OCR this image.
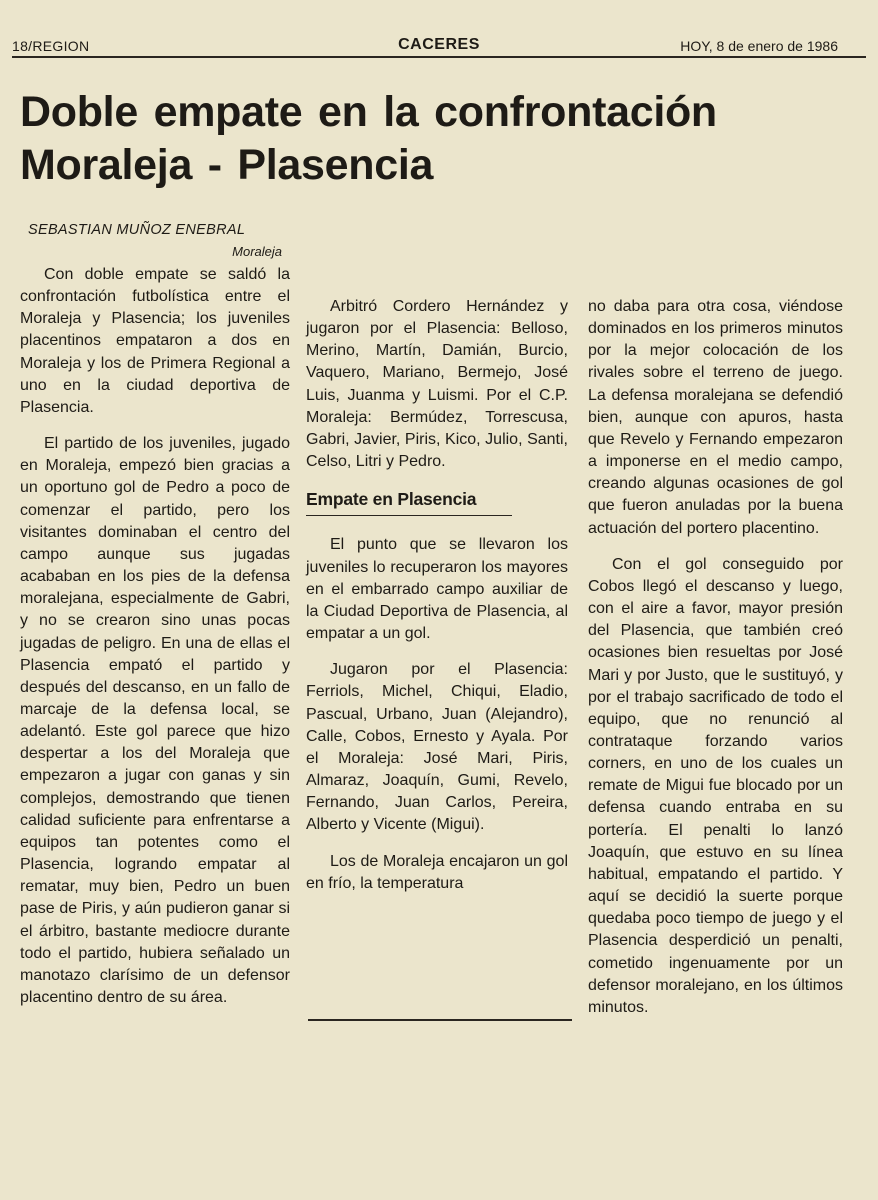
18/REGION	CACERES	HOY, 8 de enero de 1986
Doble empate en la confrontación Moraleja - Plasencia
SEBASTIAN MUÑOZ ENEBRAL
Moraleja

Con doble empate se saldó la confrontación futbolística entre el Moraleja y Plasencia; los juveniles placentinos empataron a dos en Moraleja y los de Primera Regional a uno en la ciudad deportiva de Plasencia.

El partido de los juveniles, jugado en Moraleja, empezó bien gracias a un oportuno gol de Pedro a poco de comenzar el partido, pero los visitantes dominaban el centro del campo aunque sus jugadas acababan en los pies de la defensa moralejana, especialmente de Gabri, y no se crearon sino unas pocas jugadas de peligro. En una de ellas el Plasencia empató el partido y después del descanso, en un fallo de marcaje de la defensa local, se adelantó. Este gol parece que hizo despertar a los del Moraleja que empezaron a jugar con ganas y sin complejos, demostrando que tienen calidad suficiente para enfrentarse a equipos tan potentes como el Plasencia, logrando empatar al rematar, muy bien, Pedro un buen pase de Piris, y aún pudieron ganar si el árbitro, bastante mediocre durante todo el partido, hubiera señalado un manotazo clarísimo de un defensor placentino dentro de su área.

Arbitró Cordero Hernández y jugaron por el Plasencia: Belloso, Merino, Martín, Damián, Burcio, Vaquero, Mariano, Bermejo, José Luis, Juanma y Luismi. Por el C.P. Moraleja: Bermúdez, Torrescusa, Gabri, Javier, Piris, Kico, Julio, Santi, Celso, Litri y Pedro.

Empate en Plasencia

El punto que se llevaron los juveniles lo recuperaron los mayores en el embarrado campo auxiliar de la Ciudad Deportiva de Plasencia, al empatar a un gol.

Jugaron por el Plasencia: Ferriols, Michel, Chiqui, Eladio, Pascual, Urbano, Juan (Alejandro), Calle, Cobos, Ernesto y Ayala. Por el Moraleja: José Mari, Piris, Almaraz, Joaquín, Gumi, Revelo, Fernando, Juan Carlos, Pereira, Alberto y Vicente (Migui).

Los de Moraleja encajaron un gol en frío, la temperatura

no daba para otra cosa, viéndose dominados en los primeros minutos por la mejor colocación de los rivales sobre el terreno de juego. La defensa moralejana se defendió bien, aunque con apuros, hasta que Revelo y Fernando empezaron a imponerse en el medio campo, creando algunas ocasiones de gol que fueron anuladas por la buena actuación del portero placentino.

Con el gol conseguido por Cobos llegó el descanso y luego, con el aire a favor, mayor presión del Plasencia, que también creó ocasiones bien resueltas por José Mari y por Justo, que le sustituyó, y por el trabajo sacrificado de todo el equipo, que no renunció al contrataque forzando varios corners, en uno de los cuales un remate de Migui fue blocado por un defensa cuando entraba en su portería. El penalti lo lanzó Joaquín, que estuvo en su línea habitual, empatando el partido. Y aquí se decidió la suerte porque quedaba poco tiempo de juego y el Plasencia desperdició un penalti, cometido ingenuamente por un defensor moralejano, en los últimos minutos.
